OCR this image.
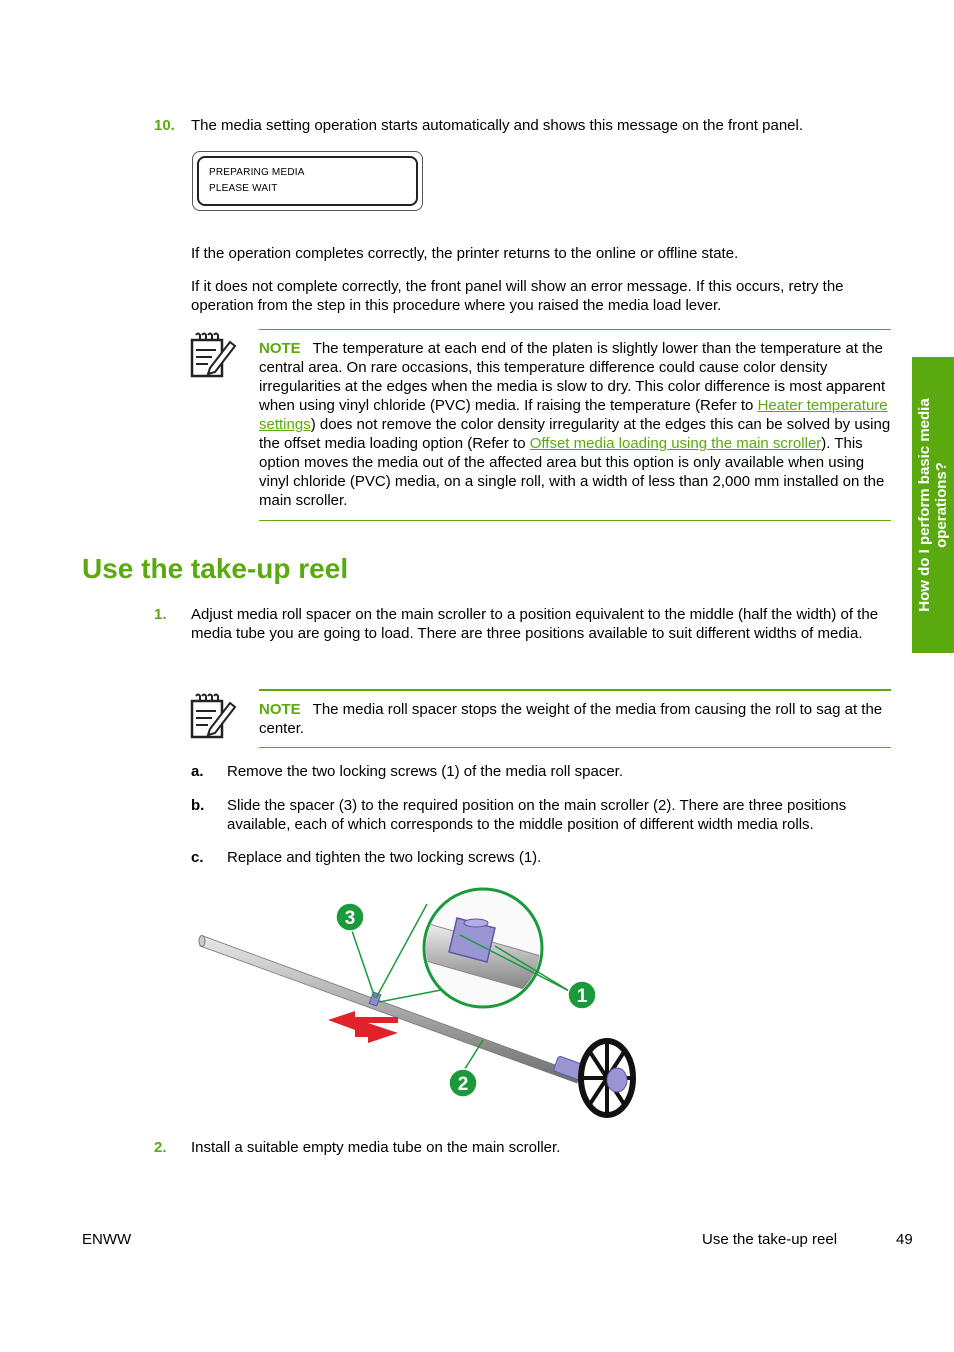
10. The media setting operation starts automatically and shows this message on the front panel.
PREPARING MEDIA
PLEASE WAIT
If the operation completes correctly, the printer returns to the online or offline state.
If it does not complete correctly, the front panel will show an error message. If this occurs, retry the operation from the step in this procedure where you raised the media load lever.
NOTE The temperature at each end of the platen is slightly lower than the temperature at the central area. On rare occasions, this temperature difference could cause color density irregularities at the edges when the media is slow to dry. This color difference is most apparent when using vinyl chloride (PVC) media. If raising the temperature (Refer to Heater temperature settings) does not remove the color density irregularity at the edges this can be solved by using the offset media loading option (Refer to Offset media loading using the main scroller). This option moves the media out of the affected area but this option is only available when using vinyl chloride (PVC) media, on a single roll, with a width of less than 2,000 mm installed on the main scroller.
Use the take-up reel
1. Adjust media roll spacer on the main scroller to a position equivalent to the middle (half the width) of the media tube you are going to load. There are three positions available to suit different widths of media.
NOTE The media roll spacer stops the weight of the media from causing the roll to sag at the center.
a. Remove the two locking screws (1) of the media roll spacer.
b. Slide the spacer (3) to the required position on the main scroller (2). There are three positions available, each of which corresponds to the middle position of different width media rolls.
c. Replace and tighten the two locking screws (1).
3
1
2
2. Install a suitable empty media tube on the main scroller.
How do I perform basic media operations?
ENWW	Use the take-up reel	49
